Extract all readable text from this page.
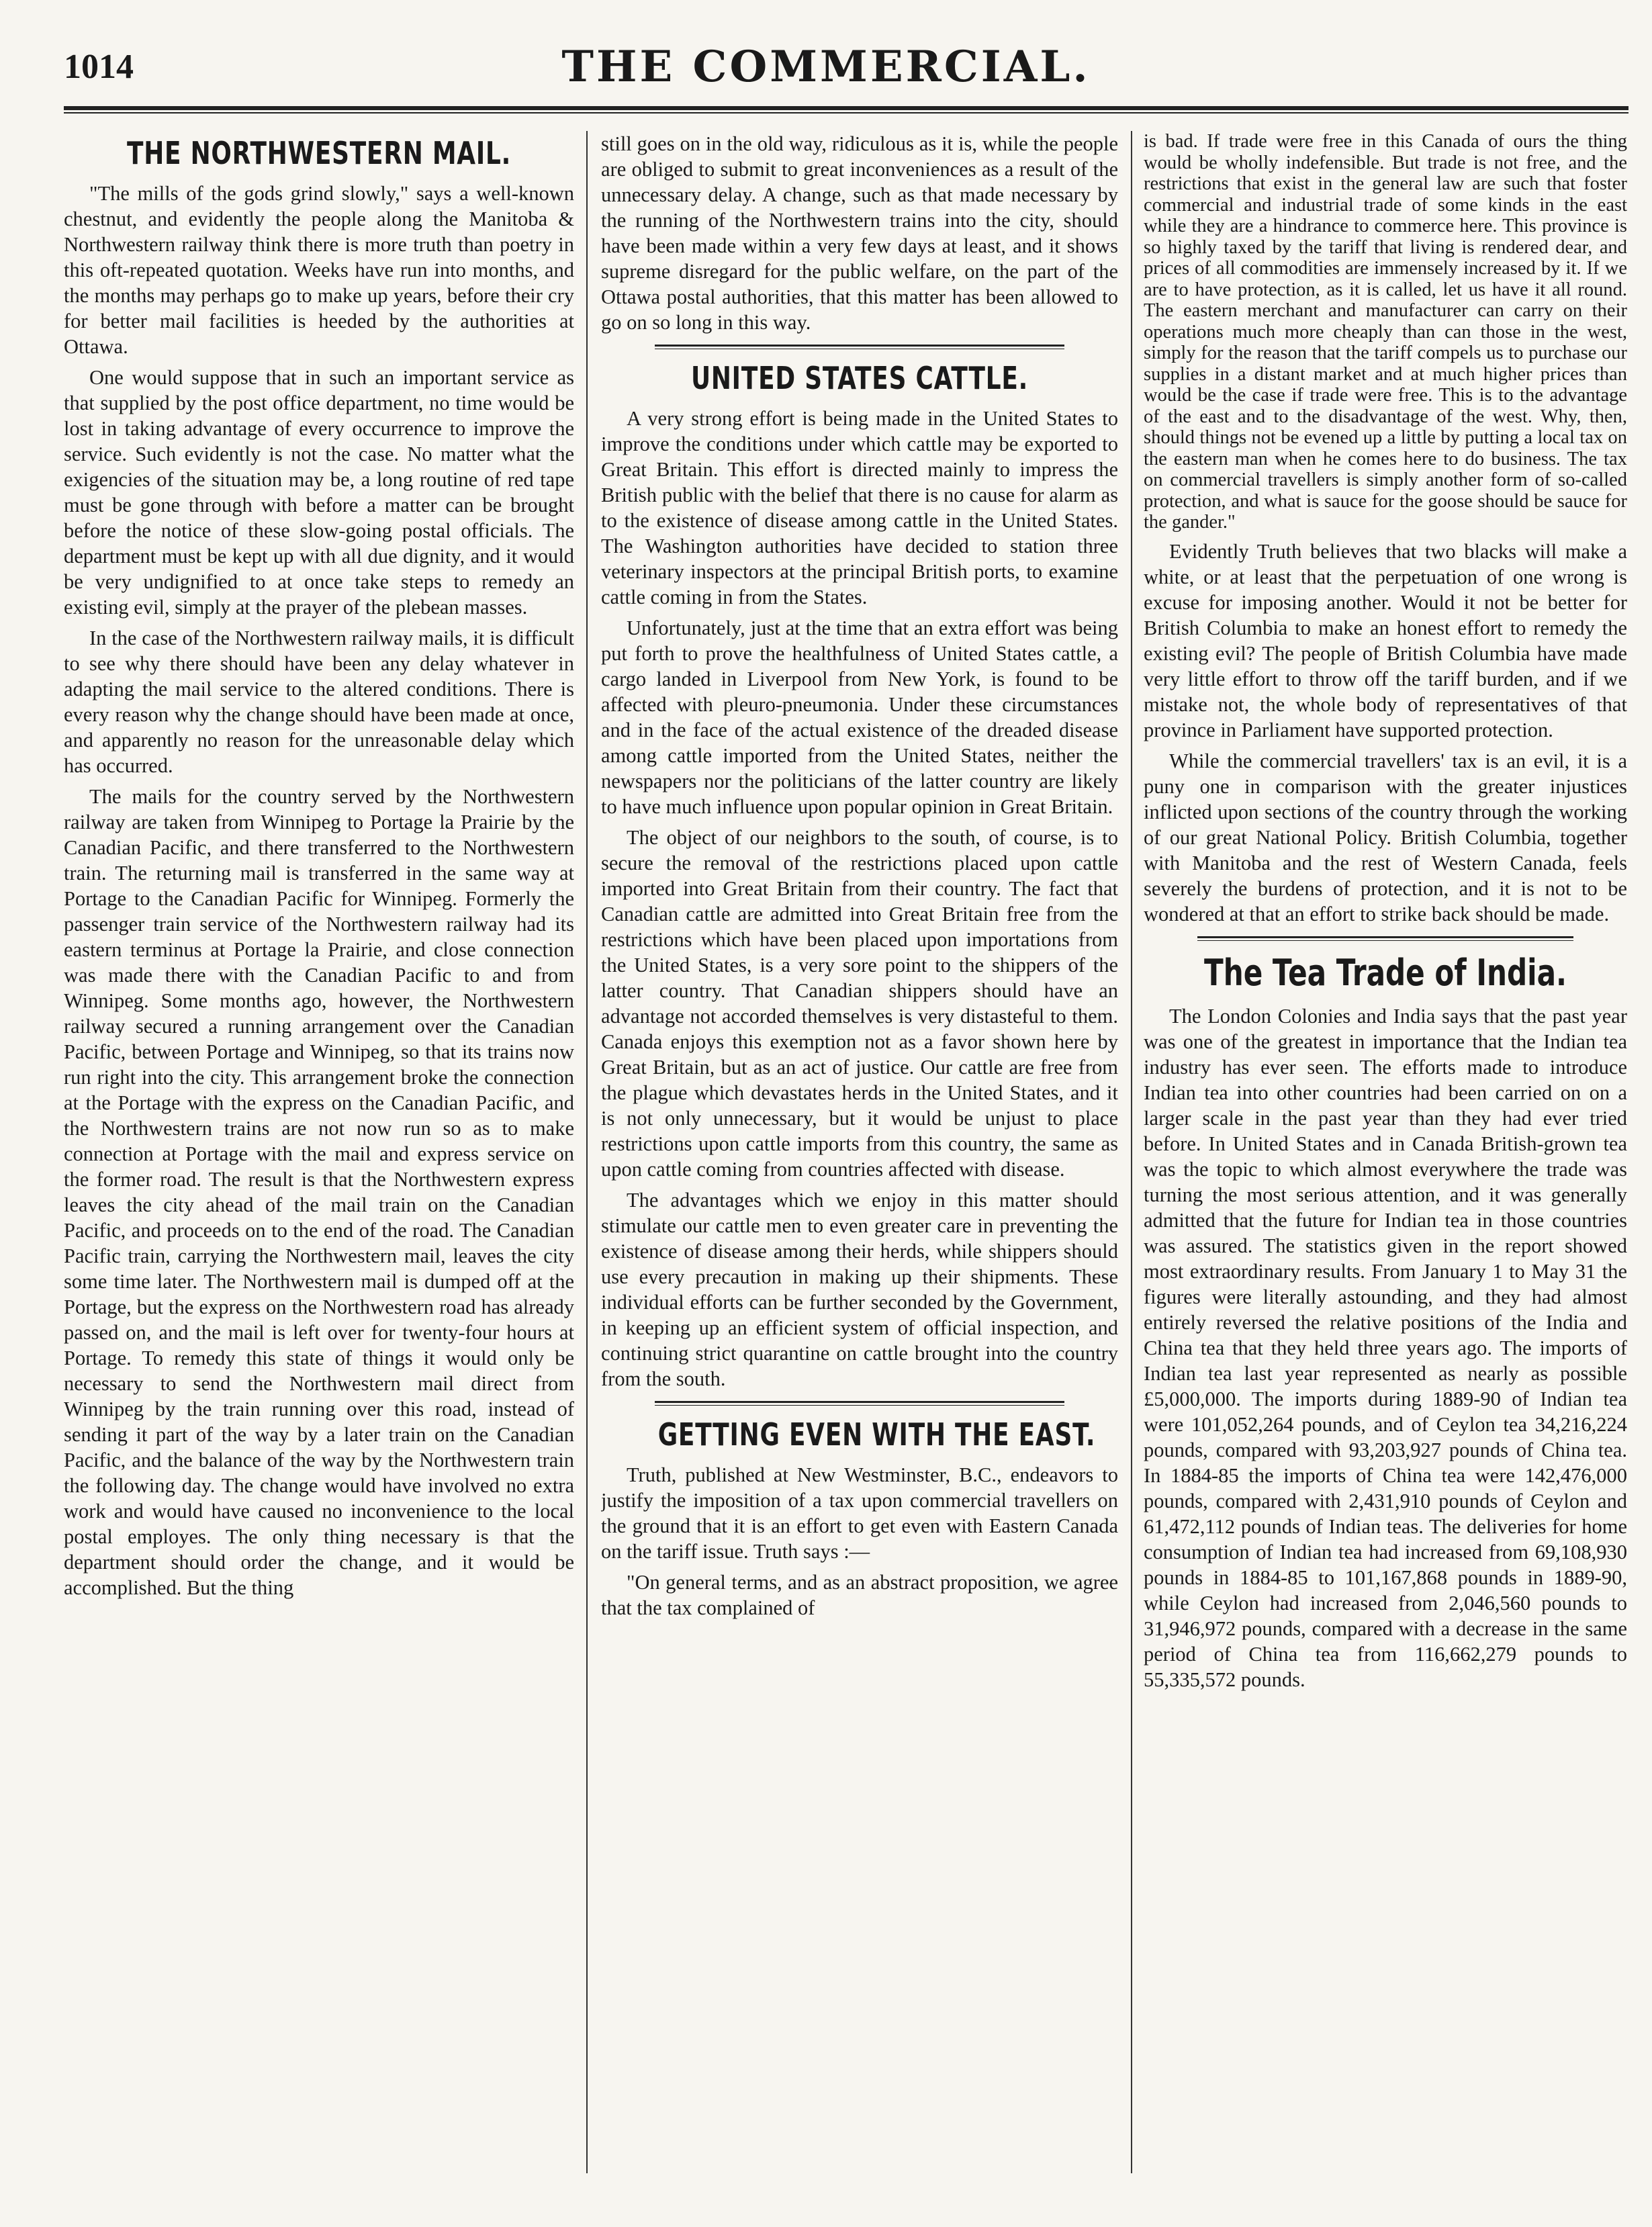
1014	THE COMMERCIAL.
THE NORTHWESTERN MAIL.

"The mills of the gods grind slowly," says a well-known chestnut, and evidently the people along the Manitoba & Northwestern railway think there is more truth than poetry in this oft-repeated quotation. Weeks have run into months, and the months may perhaps go to make up years, before their cry for better mail facilities is heeded by the authorities at Ottawa.

One would suppose that in such an important service as that supplied by the post office department, no time would be lost in taking advantage of every occurrence to improve the service. Such evidently is not the case. No matter what the exigencies of the situation may be, a long routine of red tape must be gone through with before a matter can be brought before the notice of these slow-going postal officials. The department must be kept up with all due dignity, and it would be very undignified to at once take steps to remedy an existing evil, simply at the prayer of the plebean masses.

In the case of the Northwestern railway mails, it is difficult to see why there should have been any delay whatever in adapting the mail service to the altered conditions. There is every reason why the change should have been made at once, and apparently no reason for the unreasonable delay which has occurred.

The mails for the country served by the Northwestern railway are taken from Winnipeg to Portage la Prairie by the Canadian Pacific, and there transferred to the Northwestern train. The returning mail is transferred in the same way at Portage to the Canadian Pacific for Winnipeg. Formerly the passenger train service of the Northwestern railway had its eastern terminus at Portage la Prairie, and close connection was made there with the Canadian Pacific to and from Winnipeg. Some months ago, however, the Northwestern railway secured a running arrangement over the Canadian Pacific, between Portage and Winnipeg, so that its trains now run right into the city. This arrangement broke the connection at the Portage with the express on the Canadian Pacific, and the Northwestern trains are not now run so as to make connection at Portage with the mail and express service on the former road. The result is that the Northwestern express leaves the city ahead of the mail train on the Canadian Pacific, and proceeds on to the end of the road. The Canadian Pacific train, carrying the Northwestern mail, leaves the city some time later. The Northwestern mail is dumped off at the Portage, but the express on the Northwestern road has already passed on, and the mail is left over for twenty-four hours at Portage. To remedy this state of things it would only be necessary to send the Northwestern mail direct from Winnipeg by the train running over this road, instead of sending it part of the way by a later train on the Canadian Pacific, and the balance of the way by the Northwestern train the following day. The change would have involved no extra work and would have caused no inconvenience to the local postal employes. The only thing necessary is that the department should order the change, and it would be accomplished. But the thing

still goes on in the old way, ridiculous as it is, while the people are obliged to submit to great inconveniences as a result of the unnecessary delay. A change, such as that made necessary by the running of the Northwestern trains into the city, should have been made within a very few days at least, and it shows supreme disregard for the public welfare, on the part of the Ottawa postal authorities, that this matter has been allowed to go on so long in this way.

UNITED STATES CATTLE.

A very strong effort is being made in the United States to improve the conditions under which cattle may be exported to Great Britain. This effort is directed mainly to impress the British public with the belief that there is no cause for alarm as to the existence of disease among cattle in the United States. The Washington authorities have decided to station three veterinary inspectors at the principal British ports, to examine cattle coming in from the States.

Unfortunately, just at the time that an extra effort was being put forth to prove the healthfulness of United States cattle, a cargo landed in Liverpool from New York, is found to be affected with pleuro-pneumonia. Under these circumstances and in the face of the actual existence of the dreaded disease among cattle imported from the United States, neither the newspapers nor the politicians of the latter country are likely to have much influence upon popular opinion in Great Britain.

The object of our neighbors to the south, of course, is to secure the removal of the restrictions placed upon cattle imported into Great Britain from their country. The fact that Canadian cattle are admitted into Great Britain free from the restrictions which have been placed upon importations from the United States, is a very sore point to the shippers of the latter country. That Canadian shippers should have an advantage not accorded themselves is very distasteful to them. Canada enjoys this exemption not as a favor shown here by Great Britain, but as an act of justice. Our cattle are free from the plague which devastates herds in the United States, and it is not only unnecessary, but it would be unjust to place restrictions upon cattle imports from this country, the same as upon cattle coming from countries affected with disease.

The advantages which we enjoy in this matter should stimulate our cattle men to even greater care in preventing the existence of disease among their herds, while shippers should use every precaution in making up their shipments. These individual efforts can be further seconded by the Government, in keeping up an efficient system of official inspection, and continuing strict quarantine on cattle brought into the country from the south.

GETTING EVEN WITH THE EAST.

Truth, published at New Westminster, B.C., endeavors to justify the imposition of a tax upon commercial travellers on the ground that it is an effort to get even with Eastern Canada on the tariff issue. Truth says :—

"On general terms, and as an abstract proposition, we agree that the tax complained of

is bad. If trade were free in this Canada of ours the thing would be wholly indefensible. But trade is not free, and the restrictions that exist in the general law are such that foster commercial and industrial trade of some kinds in the east while they are a hindrance to commerce here. This province is so highly taxed by the tariff that living is rendered dear, and prices of all commodities are immensely increased by it. If we are to have protection, as it is called, let us have it all round. The eastern merchant and manufacturer can carry on their operations much more cheaply than can those in the west, simply for the reason that the tariff compels us to purchase our supplies in a distant market and at much higher prices than would be the case if trade were free. This is to the advantage of the east and to the disadvantage of the west. Why, then, should things not be evened up a little by putting a local tax on the eastern man when he comes here to do business. The tax on commercial travellers is simply another form of so-called protection, and what is sauce for the goose should be sauce for the gander."

Evidently Truth believes that two blacks will make a white, or at least that the perpetuation of one wrong is excuse for imposing another. Would it not be better for British Columbia to make an honest effort to remedy the existing evil? The people of British Columbia have made very little effort to throw off the tariff burden, and if we mistake not, the whole body of representatives of that province in Parliament have supported protection.

While the commercial travellers' tax is an evil, it is a puny one in comparison with the greater injustices inflicted upon sections of the country through the working of our great National Policy. British Columbia, together with Manitoba and the rest of Western Canada, feels severely the burdens of protection, and it is not to be wondered at that an effort to strike back should be made.

The Tea Trade of India.

The London Colonies and India says that the past year was one of the greatest in importance that the Indian tea industry has ever seen. The efforts made to introduce Indian tea into other countries had been carried on on a larger scale in the past year than they had ever tried before. In United States and in Canada British-grown tea was the topic to which almost everywhere the trade was turning the most serious attention, and it was generally admitted that the future for Indian tea in those countries was assured. The statistics given in the report showed most extraordinary results. From January 1 to May 31 the figures were literally astounding, and they had almost entirely reversed the relative positions of the India and China tea that they held three years ago. The imports of Indian tea last year represented as nearly as possible £5,000,000. The imports during 1889-90 of Indian tea were 101,052,264 pounds, and of Ceylon tea 34,216,224 pounds, compared with 93,203,927 pounds of China tea. In 1884-85 the imports of China tea were 142,476,000 pounds, compared with 2,431,910 pounds of Ceylon and 61,472,112 pounds of Indian teas. The deliveries for home consumption of Indian tea had increased from 69,108,930 pounds in 1884-85 to 101,167,868 pounds in 1889-90, while Ceylon had increased from 2,046,560 pounds to 31,946,972 pounds, compared with a decrease in the same period of China tea from 116,662,279 pounds to 55,335,572 pounds.
